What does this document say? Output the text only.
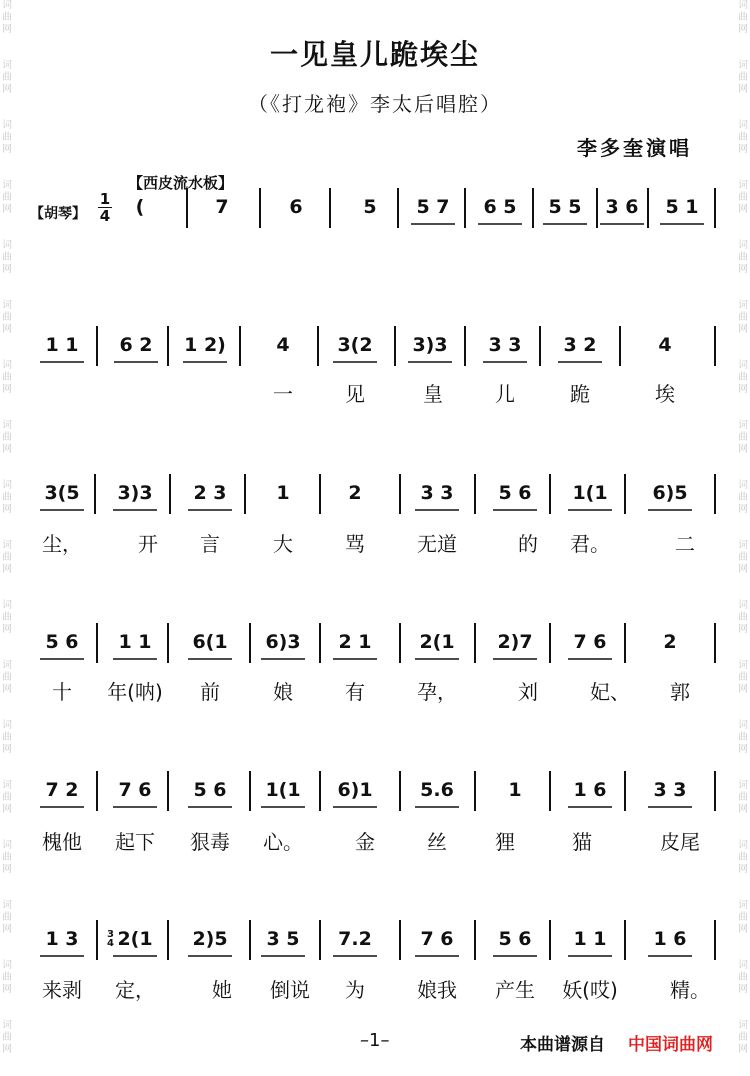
词曲网
词曲网
词曲网
词曲网
词曲网
词曲网
词曲网
词曲网
词曲网
词曲网
词曲网
词曲网
词曲网
词曲网
词曲网
词曲网
词曲网
词曲网
词曲网
词曲网
词曲网
词曲网
词曲网
词曲网
词曲网
词曲网
词曲网
词曲网
词曲网
词曲网
词曲网
词曲网
词曲网
词曲网
词曲网
词曲网
一见皇儿跪埃尘
（《打龙袍》李太后唱腔）
李多奎演唱
【西皮流水板】
【胡琴】
1
4
3
4
(	7	6	5	5 7	6 5	5 5	3 6	5 1
1 1	6 2	1 2)	4	3(2	3)3	3 3	3 2	4
一	见	皇	儿	跪	埃
3(5	3)3	2 3	1	2	3 3	5 6	1(1	6)5
尘，	开	言	大	骂	无道	的	君。	二
5 6	1 1	6(1	6)3	2 1	2(1	2)7	7 6	2
十	年(呐)	前	娘	有	孕，	刘	妃、	郭
7 2	7 6	5 6	1(1	6)1	5.6	1	1 6	3 3
槐他	起下	狠毒	心。	金	丝	狸	猫	皮尾
1 3	2(1	2)5	3 5	7.2	7 6	5 6	1 1	1 6
来剥	定，	她	倒说	为	娘我	产生	妖(哎)	精。
–1–	本曲谱源自 中国词曲网
